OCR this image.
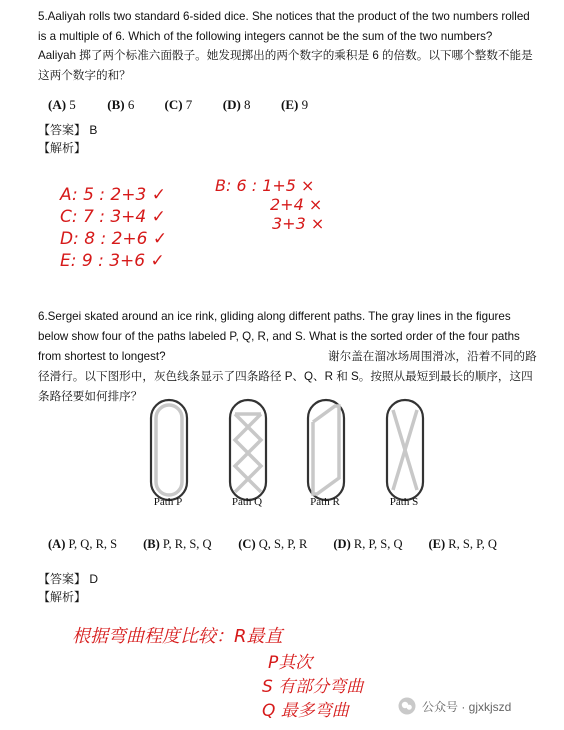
5.Aaliyah rolls two standard 6-sided dice. She notices that the product of the two numbers rolled is a multiple of 6. Which of the following integers cannot be the sum of the two numbers?
Aaliyah 掷了两个标准六面骰子。她发现掷出的两个数字的乘积是 6 的倍数。以下哪个整数不能是这两个数字的和？
(A) 5 (B) 6 (C) 7 (D) 8 (E) 9
【答案】 B
【解析】
A: 5 : 2+3 ✓
C: 7 : 3+4 ✓
D: 8 : 2+6 ✓
E: 9 : 3+6 ✓
B: 6 : 1+5 ×
2+4 ×
3+3 ×
6.Sergei skated around an ice rink, gliding along different paths. The gray lines in the figures below show four of the paths labeled P, Q, R, and S. What is the sorted order of the four paths from shortest to longest?	谢尔盖在溜冰场周围滑冰，沿着不同的路径滑行。以下图形中，灰色线条显示了四条路径 P、Q、R 和 S。按照从最短到最长的顺序，这四条路径要如何排序？
Path P	Path Q	Path R	Path S
(A) P, Q, R, S (B) P, R, S, Q (C) Q, S, P, R (D) R, P, S, Q (E) R, S, P, Q
【答案】 D
【解析】
根据弯曲程度比较：R最直
P其次
S 有部分弯曲
Q 最多弯曲	公众号 · gjxkjszd
